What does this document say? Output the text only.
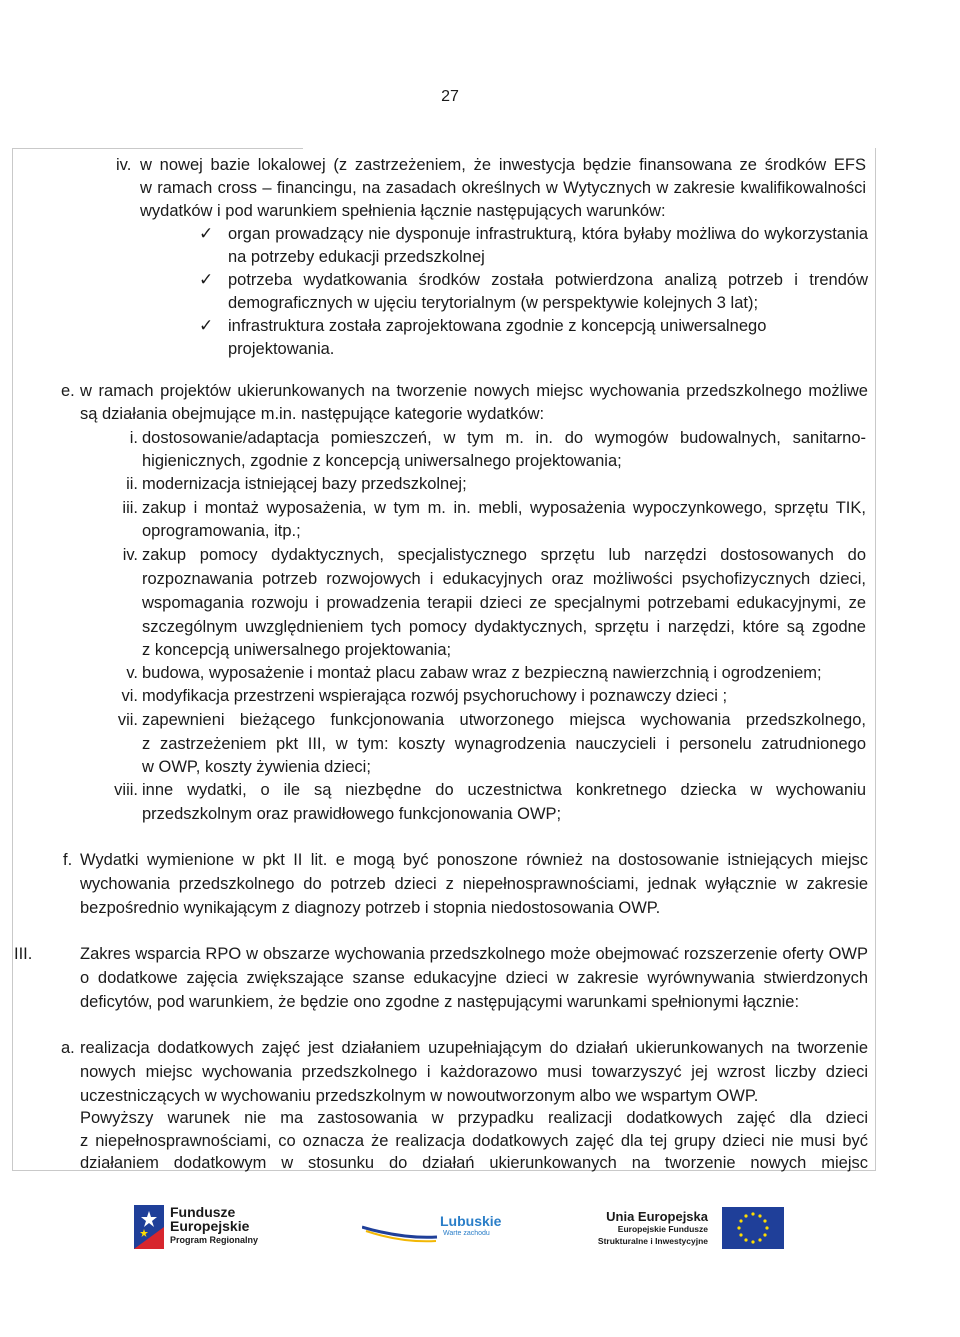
27
iv. w nowej bazie lokalowej (z zastrzeżeniem, że inwestycja będzie finansowana ze środków EFS
w ramach cross – financingu, na zasadach określnych w Wytycznych w zakresie kwalifikowalności
wydatków i pod warunkiem spełnienia łącznie następujących warunków:
✓ organ prowadzący nie dysponuje infrastrukturą, która byłaby możliwa do wykorzystania
na potrzeby edukacji przedszkolnej
✓ potrzeba wydatkowania środków została potwierdzona analizą potrzeb i trendów
demograficznych w ujęciu terytorialnym (w perspektywie kolejnych 3 lat);
✓ infrastruktura została zaprojektowana zgodnie z koncepcją uniwersalnego
projektowania.
e. w ramach projektów ukierunkowanych na tworzenie nowych miejsc wychowania przedszkolnego możliwe
są działania obejmujące m.in. następujące kategorie wydatków:
i. dostosowanie/adaptacja pomieszczeń, w tym m. in. do wymogów budowalnych, sanitarno-
higienicznych, zgodnie z koncepcją uniwersalnego projektowania;
ii. modernizacja istniejącej bazy przedszkolnej;
iii. zakup i montaż wyposażenia, w tym m. in. mebli, wyposażenia wypoczynkowego, sprzętu TIK,
oprogramowania, itp.;
iv. zakup pomocy dydaktycznych, specjalistycznego sprzętu lub narzędzi dostosowanych do
rozpoznawania potrzeb rozwojowych i edukacyjnych oraz możliwości psychofizycznych dzieci,
wspomagania rozwoju i prowadzenia terapii dzieci ze specjalnymi potrzebami edukacyjnymi, ze
szczególnym uwzględnieniem tych pomocy dydaktycznych, sprzętu i narzędzi, które są zgodne
z koncepcją uniwersalnego projektowania;
v. budowa, wyposażenie i montaż placu zabaw wraz z bezpieczną nawierzchnią i ogrodzeniem;
vi. modyfikacja przestrzeni wspierająca rozwój psychoruchowy i poznawczy dzieci ;
vii. zapewnieni bieżącego funkcjonowania utworzonego miejsca wychowania przedszkolnego,
z zastrzeżeniem pkt III, w tym: koszty wynagrodzenia nauczycieli i personelu zatrudnionego
w OWP, koszty żywienia dzieci;
viii. inne wydatki, o ile są niezbędne do uczestnictwa konkretnego dziecka w wychowaniu
przedszkolnym oraz prawidłowego funkcjonowania OWP;
f. Wydatki wymienione w pkt II lit. e mogą być ponoszone również na dostosowanie istniejących miejsc
wychowania przedszkolnego do potrzeb dzieci z niepełnosprawnościami, jednak wyłącznie w zakresie
bezpośrednio wynikającym z diagnozy potrzeb i stopnia niedostosowania OWP.
III.	Zakres wsparcia RPO w obszarze wychowania przedszkolnego może obejmować rozszerzenie oferty OWP
o dodatkowe zajęcia zwiększające szanse edukacyjne dzieci w zakresie wyrównywania stwierdzonych
deficytów, pod warunkiem, że będzie ono zgodne z następującymi warunkami spełnionymi łącznie:
a. realizacja dodatkowych zajęć jest działaniem uzupełniającym do działań ukierunkowanych na tworzenie
nowych miejsc wychowania przedszkolnego i każdorazowo musi towarzyszyć jej wzrost liczby dzieci
uczestniczących w wychowaniu przedszkolnym w nowoutworzonym albo we wspartym OWP.
Powyższy warunek nie ma zastosowania w przypadku realizacji dodatkowych zajęć dla dzieci
z niepełnosprawnościami, co oznacza że realizacja dodatkowych zajęć dla tej grupy dzieci nie musi być
działaniem dodatkowym w stosunku do działań ukierunkowanych na tworzenie nowych miejsc
Fundusze
Europejskie
Program Regionalny
Lubuskie
Warte zachodu
Unia Europejska
Europejskie Fundusze
Strukturalne i Inwestycyjne
